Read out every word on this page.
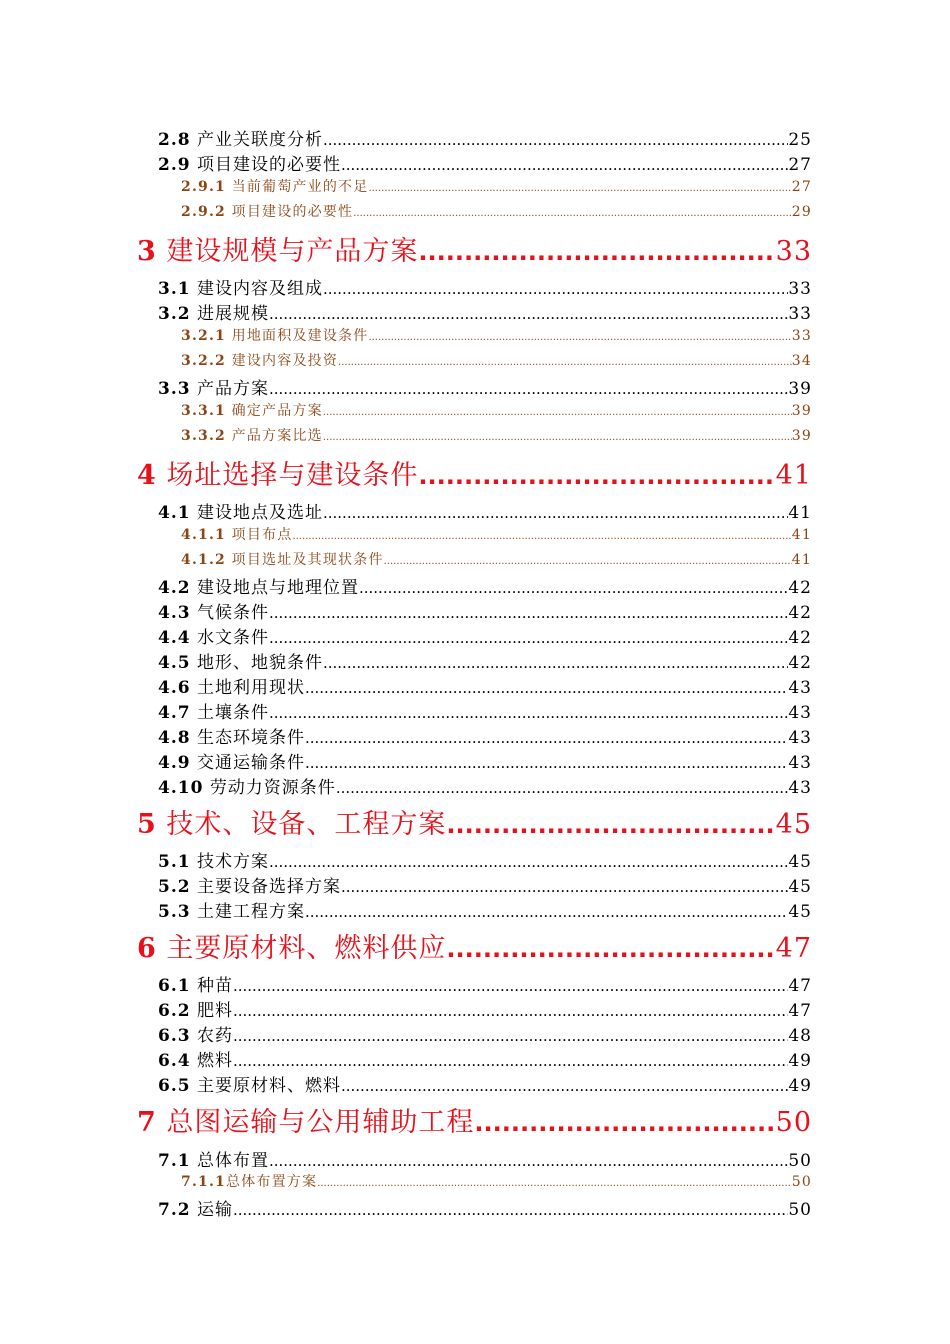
2.8 产业关联度分析 .....	25
2.9 项目建设的必要性 .....	27
2.9.1 当前葡萄产业的不足 .....	27
2.9.2 项目建设的必要性 .....	29
3 建设规模与产品方案 .....	33
3.1 建设内容及组成 .....	33
3.2 进展规模 .....	33
3.2.1 用地面积及建设条件 .....	33
3.2.2 建设内容及投资 .....	34
3.3 产品方案 .....	39
3.3.1 确定产品方案 .....	39
3.3.2 产品方案比选 .....	39
4 场址选择与建设条件 .....	41
4.1 建设地点及选址 .....	41
4.1.1 项目布点 .....	41
4.1.2 项目选址及其现状条件 .....	41
4.2 建设地点与地理位置 .....	42
4.3 气候条件 .....	42
4.4 水文条件 .....	42
4.5 地形、地貌条件 .....	42
4.6 土地利用现状 .....	43
4.7 土壤条件 .....	43
4.8 生态环境条件 .....	43
4.9 交通运输条件 .....	43
4.10 劳动力资源条件 .....	43
5 技术、设备、工程方案 .....	45
5.1 技术方案 .....	45
5.2 主要设备选择方案 .....	45
5.3 土建工程方案 .....	45
6 主要原材料、燃料供应 .....	47
6.1 种苗 .....	47
6.2 肥料 .....	47
6.3 农药 .....	48
6.4 燃料 .....	49
6.5 主要原材料、燃料 .....	49
7 总图运输与公用辅助工程 .....	50
7.1 总体布置 .....	50
7.1.1总体布置方案 .....	50
7.2 运输 .....	50
